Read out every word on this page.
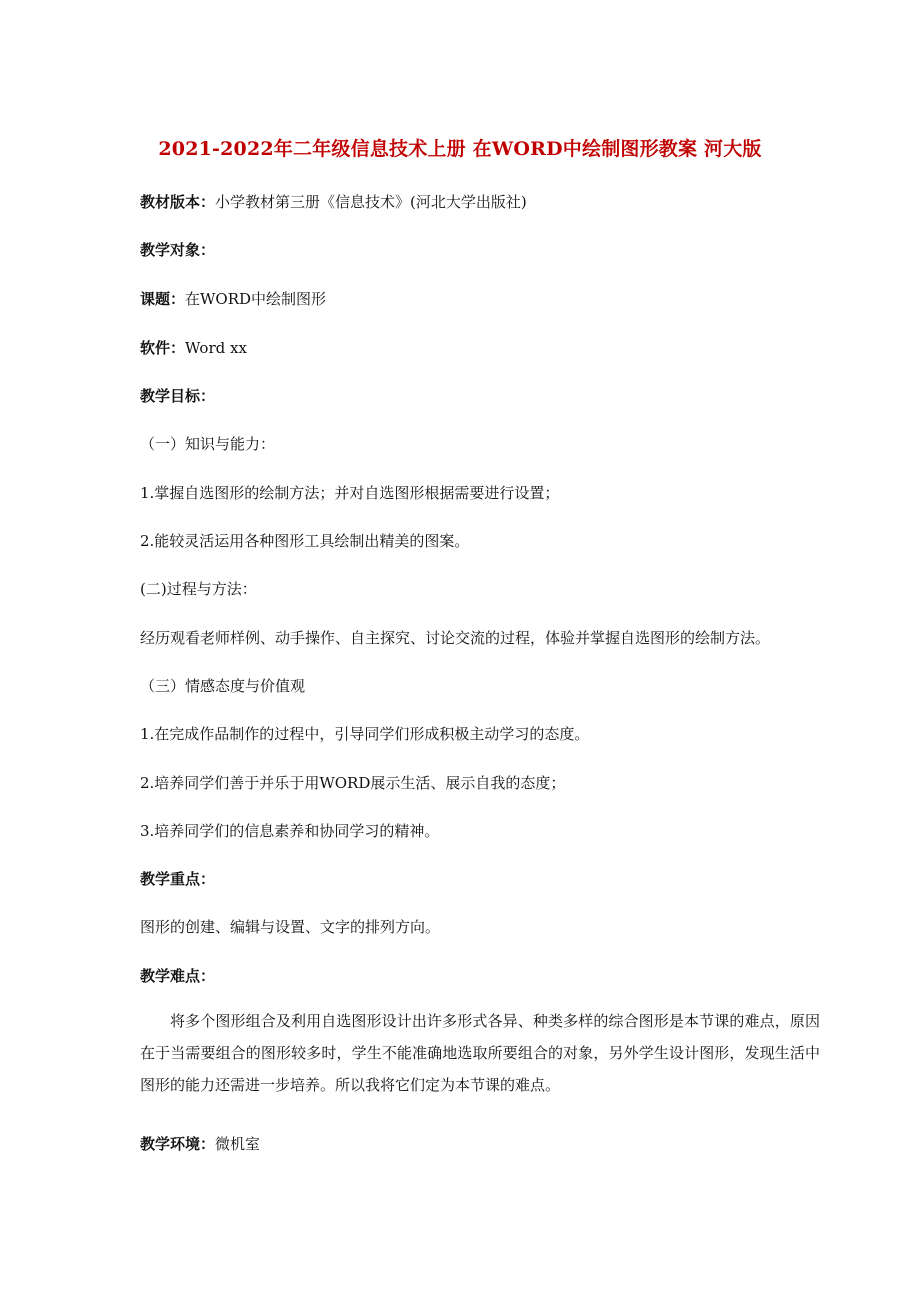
2021-2022年二年级信息技术上册 在WORD中绘制图形教案 河大版
教材版本：小学教材第三册《信息技术》(河北大学出版社)
教学对象：
课题：在WORD中绘制图形
软件：Word xx
教学目标：
（一）知识与能力：
1.掌握自选图形的绘制方法；并对自选图形根据需要进行设置；
2.能较灵活运用各种图形工具绘制出精美的图案。
(二)过程与方法：
经历观看老师样例、动手操作、自主探究、讨论交流的过程，体验并掌握自选图形的绘制方法。
（三）情感态度与价值观
1.在完成作品制作的过程中，引导同学们形成积极主动学习的态度。
2.培养同学们善于并乐于用WORD展示生活、展示自我的态度；
3.培养同学们的信息素养和协同学习的精神。
教学重点：
图形的创建、编辑与设置、文字的排列方向。
教学难点：
将多个图形组合及利用自选图形设计出许多形式各异、种类多样的综合图形是本节课的难点，原因在于当需要组合的图形较多时，学生不能准确地选取所要组合的对象，另外学生设计图形，发现生活中图形的能力还需进一步培养。所以我将它们定为本节课的难点。
教学环境：微机室
